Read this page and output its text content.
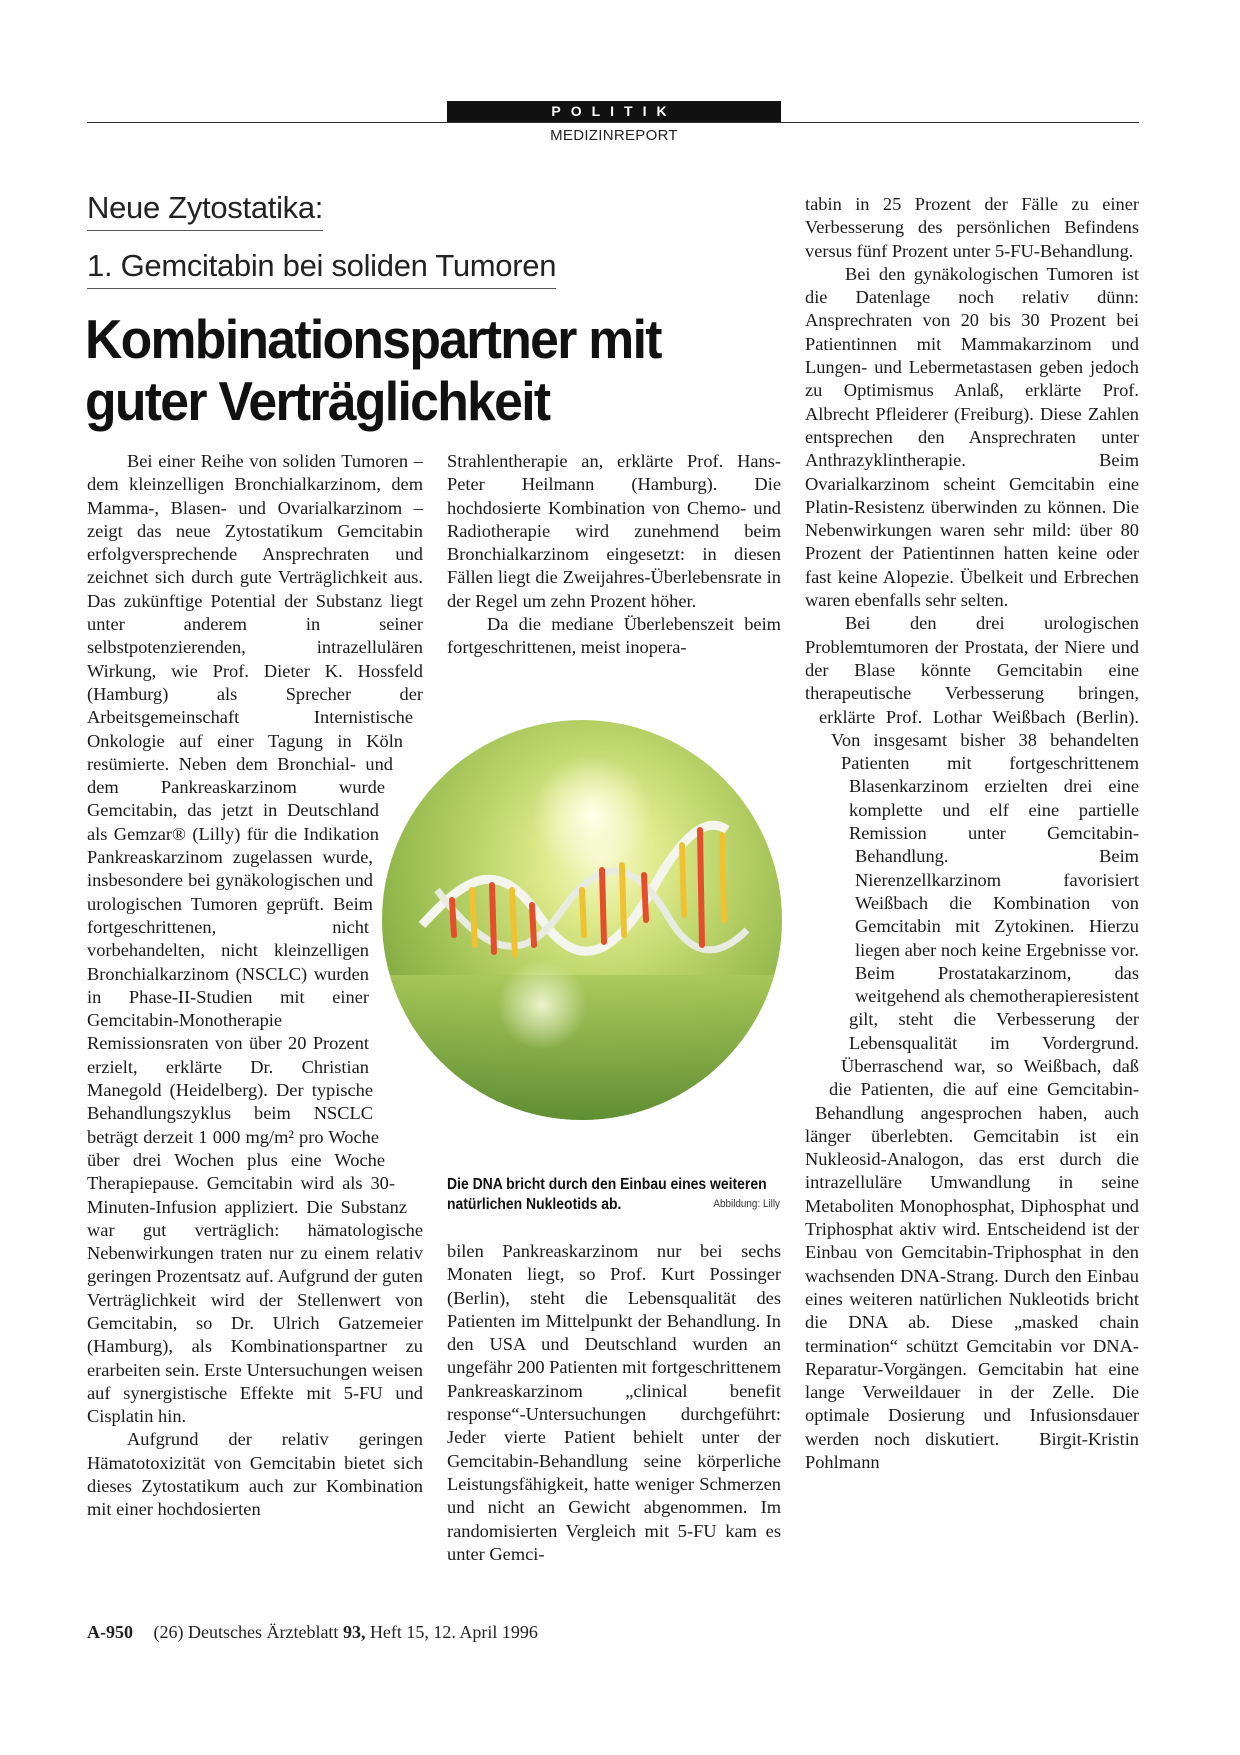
POLITIK
MEDIZINREPORT
Neue Zytostatika:
1. Gemcitabin bei soliden Tumoren
Kombinationspartner mit
guter Verträglichkeit

Bei einer Reihe von soliden Tumoren – dem kleinzelligen Bronchialkarzinom, dem Mamma-, Blasen- und Ovarialkarzinom – zeigt das neue Zytostatikum Gemcitabin erfolgversprechende Ansprechraten und zeichnet sich durch gute Verträglichkeit aus. Das zukünftige Potential der Substanz liegt unter anderem in seiner selbstpotenzierenden, intrazellulären Wirkung, wie Prof. Dieter K. Hossfeld (Hamburg) als Sprecher der Arbeitsgemeinschaft Internistische Onkologie auf einer Tagung in Köln resümierte. Neben dem Bronchial- und dem Pankreaskarzinom wurde Gemcitabin, das jetzt in Deutschland als Gemzar® (Lilly) für die Indikation Pankreaskarzinom zugelassen wurde, insbesondere bei gynäkologischen und urologischen Tumoren geprüft. Beim fortgeschrittenen, nicht vorbehandelten, nicht kleinzelligen Bronchialkarzinom (NSCLC) wurden in Phase-II-Studien mit einer Gemcitabin-Monotherapie Remissionsraten von über 20 Prozent erzielt, erklärte Dr. Christian Manegold (Heidelberg). Der typische Behandlungszyklus beim NSCLC beträgt derzeit 1 000 mg/m² pro Woche über drei Wochen plus eine Woche Therapiepause. Gemcitabin wird als 30-Minuten-Infusion appliziert. Die Substanz war gut verträglich: hämatologische Nebenwirkungen traten nur zu einem relativ geringen Prozentsatz auf. Aufgrund der guten Verträglichkeit wird der Stellenwert von Gemcitabin, so Dr. Ulrich Gatzemeier (Hamburg), als Kombinationspartner zu erarbeiten sein. Erste Untersuchungen weisen auf synergistische Effekte mit 5-FU und Cisplatin hin.

Aufgrund der relativ geringen Hämatotoxizität von Gemcitabin bietet sich dieses Zytostatikum auch zur Kombination mit einer hochdosierten

Strahlentherapie an, erklärte Prof. Hans-Peter Heilmann (Hamburg). Die hochdosierte Kombination von Chemo- und Radiotherapie wird zunehmend beim Bronchialkarzinom eingesetzt: in diesen Fällen liegt die Zweijahres-Überlebensrate in der Regel um zehn Prozent höher.

Da die mediane Überlebenszeit beim fortgeschrittenen, meist inopera-

Die DNA bricht durch den Einbau eines weiteren natürlichen Nukleotids ab.	Abbildung: Lilly

bilen Pankreaskarzinom nur bei sechs Monaten liegt, so Prof. Kurt Possinger (Berlin), steht die Lebensqualität des Patienten im Mittelpunkt der Behandlung. In den USA und Deutschland wurden an ungefähr 200 Patienten mit fortgeschrittenem Pankreaskarzinom „clinical benefit response“-Untersuchungen durchgeführt: Jeder vierte Patient behielt unter der Gemcitabin-Behandlung seine körperliche Leistungsfähigkeit, hatte weniger Schmerzen und nicht an Gewicht abgenommen. Im randomisierten Vergleich mit 5-FU kam es unter Gemci-

tabin in 25 Prozent der Fälle zu einer Verbesserung des persönlichen Befindens versus fünf Prozent unter 5-FU-Behandlung.

Bei den gynäkologischen Tumoren ist die Datenlage noch relativ dünn: Ansprechraten von 20 bis 30 Prozent bei Patientinnen mit Mammakarzinom und Lungen- und Lebermetastasen geben jedoch zu Optimismus Anlaß, erklärte Prof. Albrecht Pfleiderer (Freiburg). Diese Zahlen entsprechen den Ansprechraten unter Anthrazyklintherapie. Beim Ovarialkarzinom scheint Gemcitabin eine Platin-Resistenz überwinden zu können. Die Nebenwirkungen waren sehr mild: über 80 Prozent der Patientinnen hatten keine oder fast keine Alopezie. Übelkeit und Erbrechen waren ebenfalls sehr selten.

Bei den drei urologischen Problemtumoren der Prostata, der Niere und der Blase könnte Gemcitabin eine therapeutische Verbesserung bringen, erklärte Prof. Lothar Weißbach (Berlin). Von insgesamt bisher 38 behandelten Patienten mit fortgeschrittenem Blasenkarzinom erzielten drei eine komplette und elf eine partielle Remission unter Gemcitabin-Behandlung. Beim Nierenzellkarzinom favorisiert Weißbach die Kombination von Gemcitabin mit Zytokinen. Hierzu liegen aber noch keine Ergebnisse vor. Beim Prostatakarzinom, das weitgehend als chemotherapieresistent gilt, steht die Verbesserung der Lebensqualität im Vordergrund. Überraschend war, so Weißbach, daß die Patienten, die auf eine Gemcitabin-Behandlung angesprochen haben, auch länger überlebten. Gemcitabin ist ein Nukleosid-Analogon, das erst durch die intrazelluläre Umwandlung in seine Metaboliten Monophosphat, Diphosphat und Triphosphat aktiv wird. Entscheidend ist der Einbau von Gemcitabin-Triphosphat in den wachsenden DNA-Strang. Durch den Einbau eines weiteren natürlichen Nukleotids bricht die DNA ab. Diese „masked chain termination“ schützt Gemcitabin vor DNA-Reparatur-Vorgängen. Gemcitabin hat eine lange Verweildauer in der Zelle. Die optimale Dosierung und Infusionsdauer werden noch diskutiert. Birgit-Kristin Pohlmann

A-950 (26) Deutsches Ärzteblatt 93, Heft 15, 12. April 1996
